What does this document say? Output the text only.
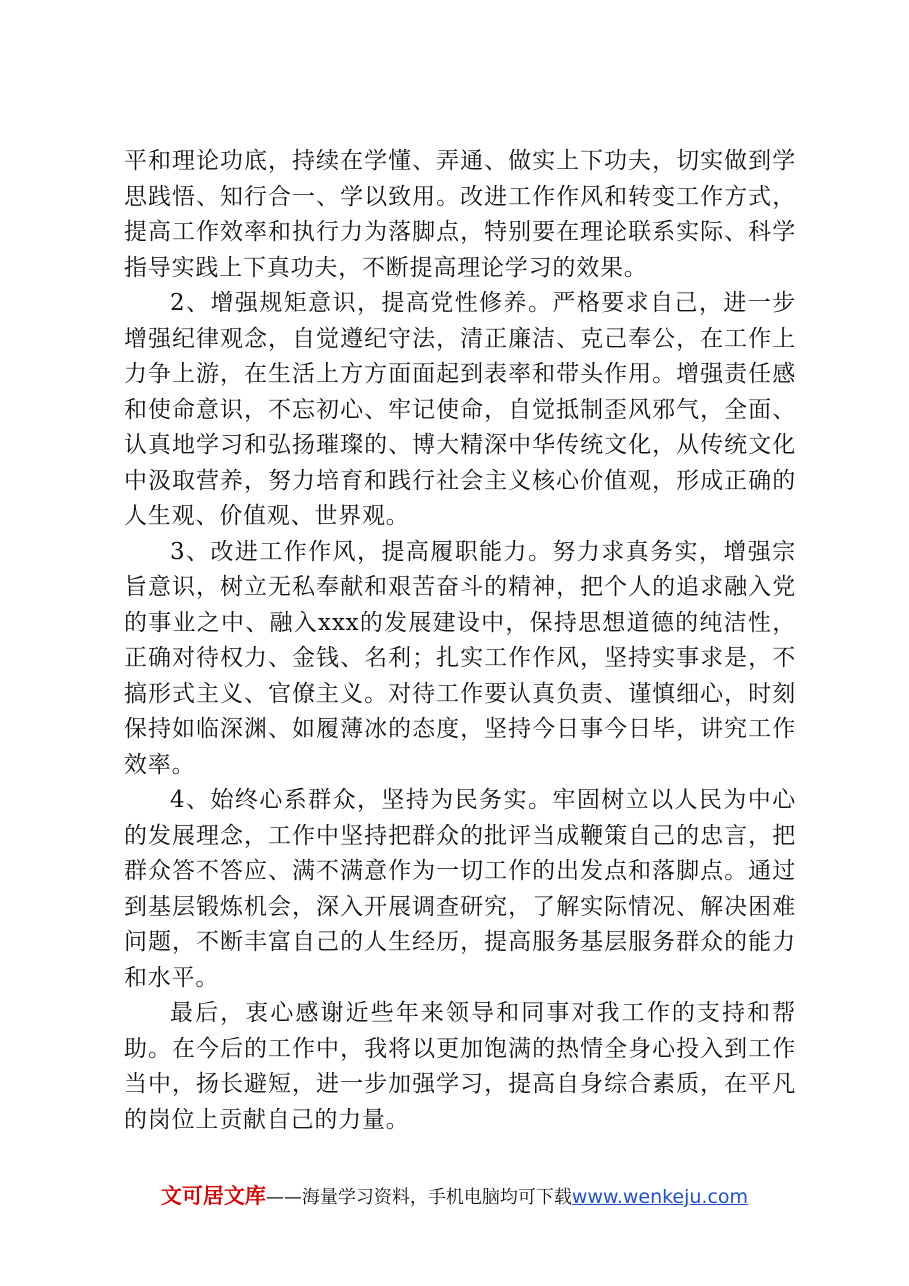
平和理论功底，持续在学懂、弄通、做实上下功夫，切实做到学思践悟、知行合一、学以致用。改进工作作风和转变工作方式，提高工作效率和执行力为落脚点，特别要在理论联系实际、科学指导实践上下真功夫，不断提高理论学习的效果。

2、增强规矩意识，提高党性修养。严格要求自己，进一步增强纪律观念，自觉遵纪守法，清正廉洁、克己奉公，在工作上力争上游，在生活上方方面面起到表率和带头作用。增强责任感和使命意识，不忘初心、牢记使命，自觉抵制歪风邪气，全面、认真地学习和弘扬璀璨的、博大精深中华传统文化，从传统文化中汲取营养，努力培育和践行社会主义核心价值观，形成正确的人生观、价值观、世界观。

3、改进工作作风，提高履职能力。努力求真务实，增强宗旨意识，树立无私奉献和艰苦奋斗的精神，把个人的追求融入党的事业之中、融入xxx的发展建设中，保持思想道德的纯洁性，正确对待权力、金钱、名利；扎实工作作风，坚持实事求是，不搞形式主义、官僚主义。对待工作要认真负责、谨慎细心，时刻保持如临深渊、如履薄冰的态度，坚持今日事今日毕，讲究工作效率。

4、始终心系群众，坚持为民务实。牢固树立以人民为中心的发展理念，工作中坚持把群众的批评当成鞭策自己的忠言，把群众答不答应、满不满意作为一切工作的出发点和落脚点。通过到基层锻炼机会，深入开展调查研究，了解实际情况、解决困难问题，不断丰富自己的人生经历，提高服务基层服务群众的能力和水平。

最后，衷心感谢近些年来领导和同事对我工作的支持和帮助。在今后的工作中，我将以更加饱满的热情全身心投入到工作当中，扬长避短，进一步加强学习，提高自身综合素质，在平凡的岗位上贡献自己的力量。

文可居文库——海量学习资料，手机电脑均可下载www.wenkeju.com
